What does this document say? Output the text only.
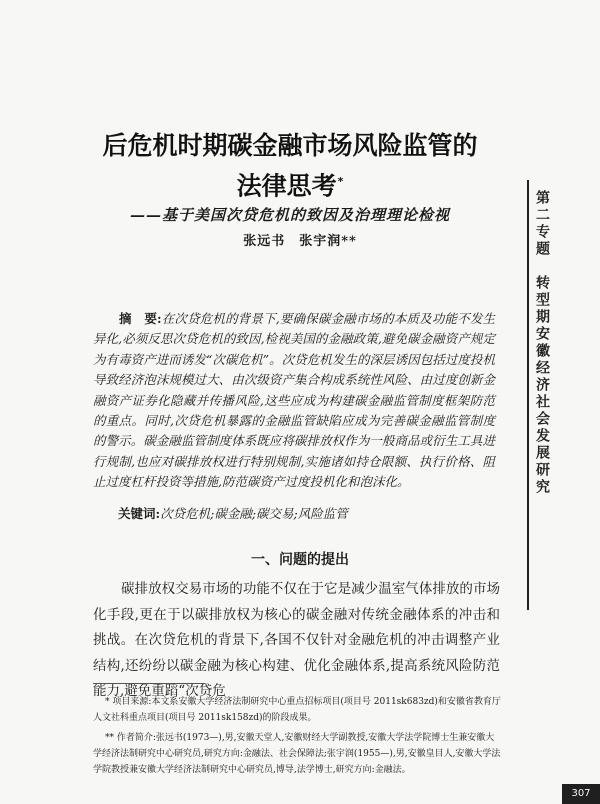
后危机时期碳金融市场风险监管的
法律思考*
——基于美国次贷危机的致因及治理理论检视
张远书　张宇润**
摘　要:在次贷危机的背景下,要确保碳金融市场的本质及功能不发生异化,必须反思次贷危机的致因,检视美国的金融政策,避免碳金融资产规定为有毒资产进而诱发“次碳危机”。次贷危机发生的深层诱因包括过度投机导致经济泡沫规模过大、由次级资产集合构成系统性风险、由过度创新金融资产证券化隐藏并传播风险,这些应成为构建碳金融监管制度框架防范的重点。同时,次贷危机暴露的金融监管缺陷应成为完善碳金融监管制度的警示。碳金融监管制度体系既应将碳排放权作为一般商品或衍生工具进行规制,也应对碳排放权进行特别规制,实施诸如持仓限额、执行价格、阻止过度杠杆投资等措施,防范碳资产过度投机化和泡沫化。
关键词:次贷危机;碳金融;碳交易;风险监管
一、问题的提出
碳排放权交易市场的功能不仅在于它是减少温室气体排放的市场化手段,更在于以碳排放权为核心的碳金融对传统金融体系的冲击和挑战。在次贷危机的背景下,各国不仅针对金融危机的冲击调整产业结构,还纷纷以碳金融为核心构建、优化金融体系,提高系统风险防范能力,避免重蹈“次贷危

* 项目来源:本文系安徽大学经济法制研究中心重点招标项目(项目号 2011sk683zd)和安徽省教育厅人文社科重点项目(项目号 2011sk158zd)的阶段成果。

** 作者简介:张远书(1973—),男,安徽天堂人,安徽财经大学副教授,安徽大学法学院博士生兼安徽大学经济法制研究中心研究员,研究方向:金融法、社会保障法;张宇润(1955—),男,安徽皇目人,安徽大学法学院教授兼安徽大学经济法制研究中心研究员,博导,法学博士,研究方向:金融法。

第二专题　转型期安徽经济社会发展研究
307
